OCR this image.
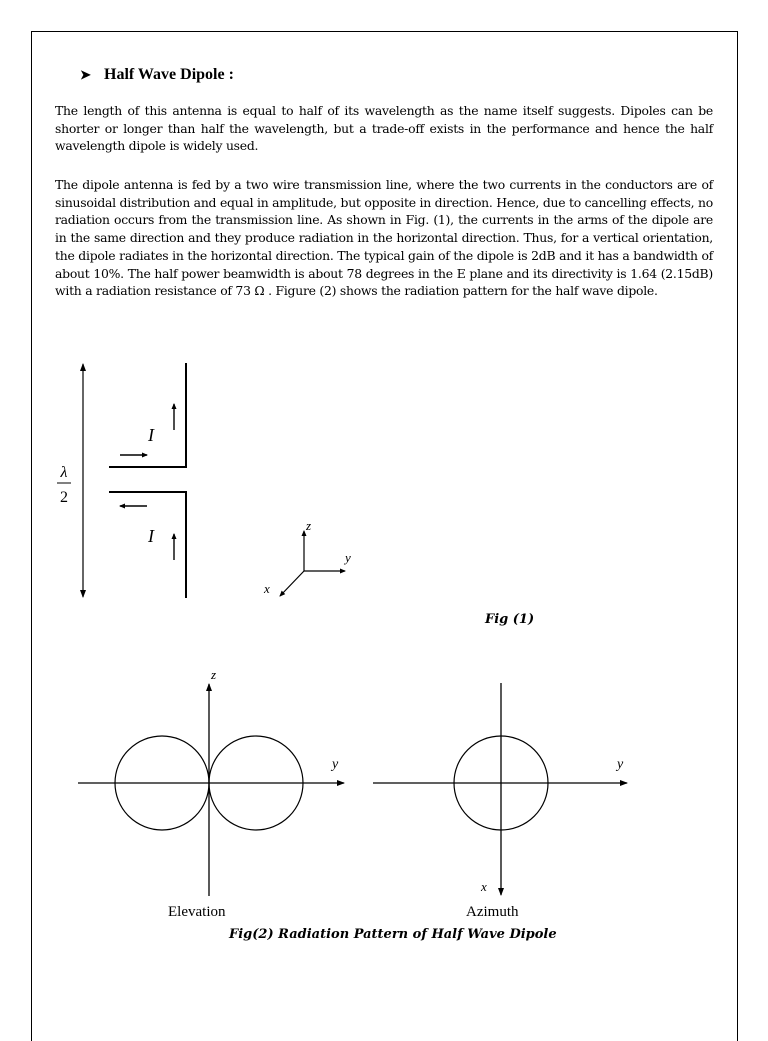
➤ Half Wave Dipole :

The length of this antenna is equal to half of its wavelength as the name itself suggests. Dipoles can be shorter or longer than half the wavelength, but a trade-off exists in the performance and hence the half wavelength dipole is widely used.

The dipole antenna is fed by a two wire transmission line, where the two currents in the conductors are of sinusoidal distribution and equal in amplitude, but opposite in direction. Hence, due to cancelling effects, no radiation occurs from the transmission line. As shown in Fig. (1), the currents in the arms of the dipole are in the same direction and they produce radiation in the horizontal direction. Thus, for a vertical orientation, the dipole radiates in the horizontal direction. The typical gain of the dipole is 2dB and it has a bandwidth of about 10%. The half power beamwidth is about 78 degrees in the E plane and its directivity is 1.64 (2.15dB) with a radiation resistance of 73 Ω . Figure (2) shows the radiation pattern for the half wave dipole.

λ
2
I
I
z
y
x
z
y	y
x
Fig (1)
Elevation	Azimuth
Fig(2) Radiation Pattern of Half Wave Dipole
